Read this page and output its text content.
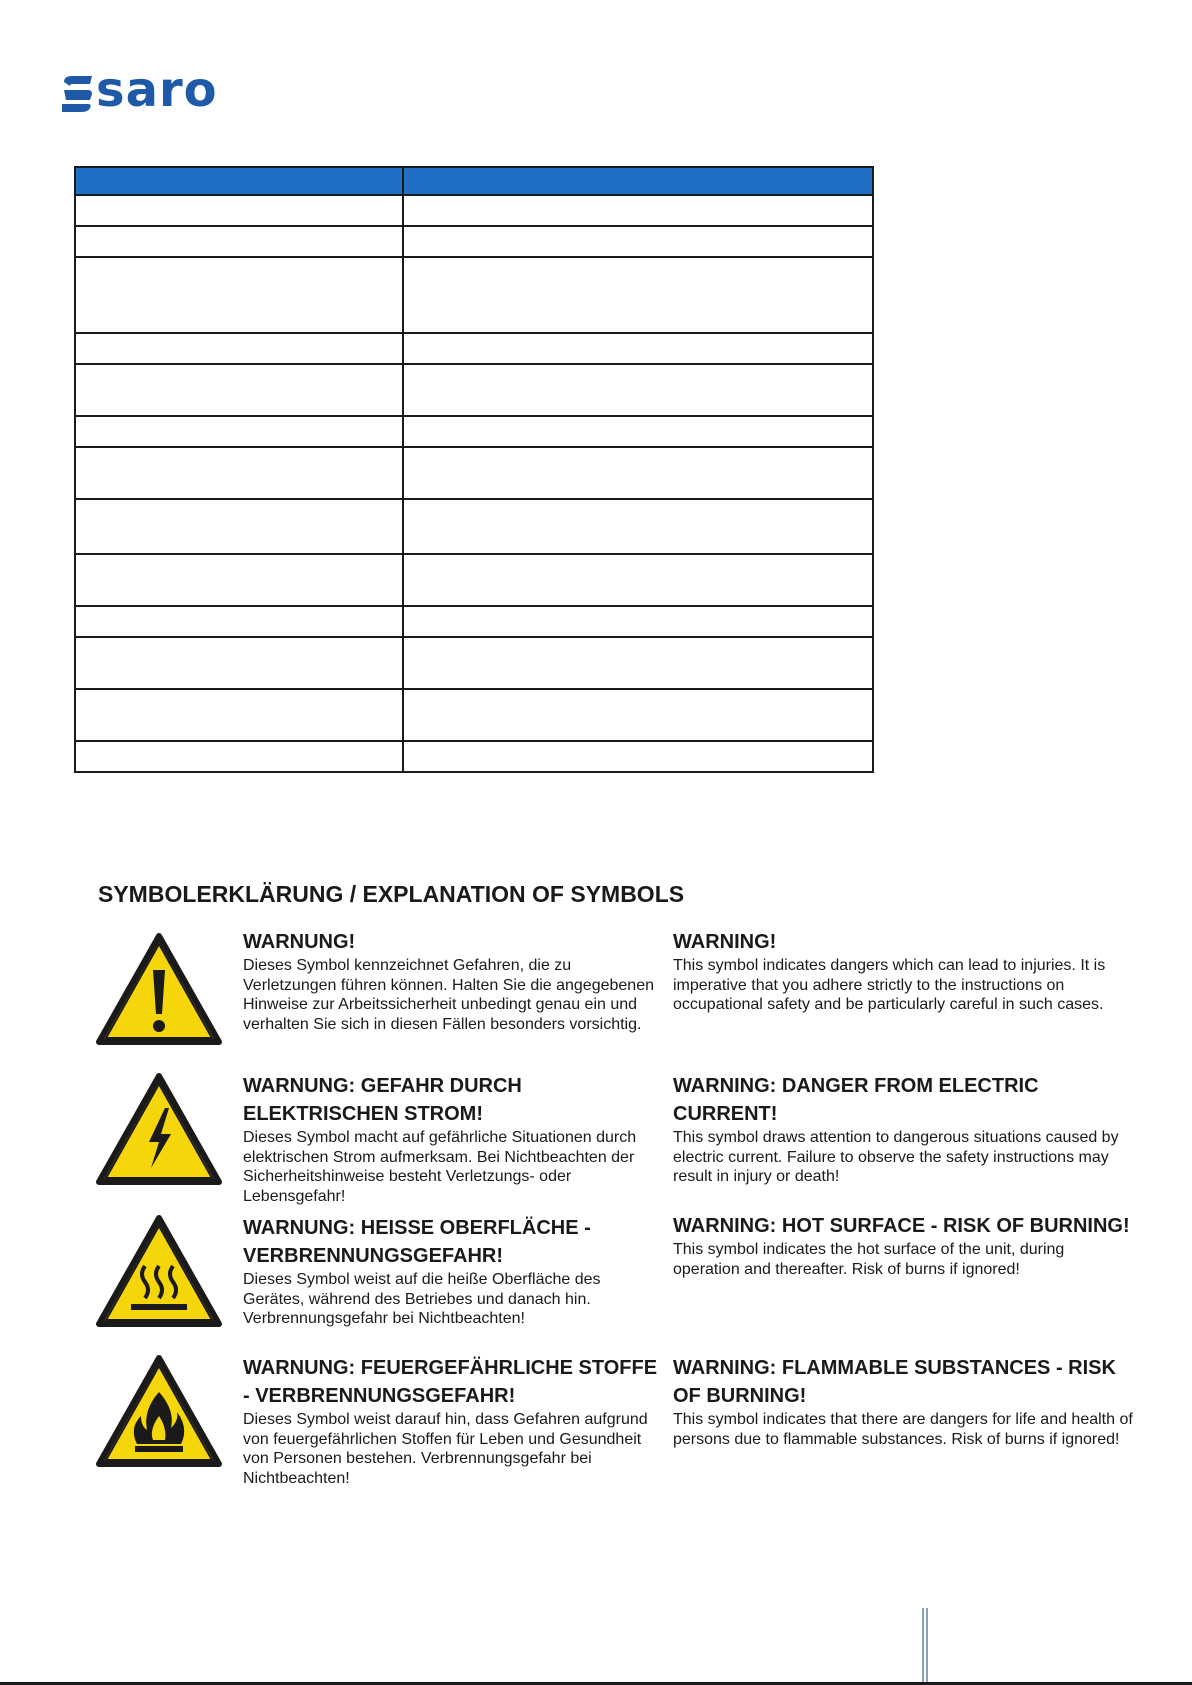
saro

SYMBOLERKLÄRUNG / EXPLANATION OF SYMBOLS
WARNUNG!

Dieses Symbol kennzeichnet Gefahren, die zu Verletzungen führen können. Halten Sie die angegebenen Hinweise zur Arbeitssicherheit unbedingt genau ein und verhalten Sie sich in diesen Fällen besonders vorsichtig.

WARNING!

This symbol indicates dangers which can lead to injuries. It is imperative that you adhere strictly to the instructions on occupational safety and be particularly careful in such cases.

WARNUNG: GEFAHR DURCH ELEKTRISCHEN STROM!

Dieses Symbol macht auf gefährliche Situationen durch elektrischen Strom aufmerksam. Bei Nichtbeachten der Sicherheitshinweise besteht Verletzungs- oder Lebensgefahr!

WARNING: DANGER FROM ELECTRIC CURRENT!

This symbol draws attention to dangerous situations caused by electric current. Failure to observe the safety instructions may result in injury or death!

WARNUNG: HEISSE OBERFLÄCHE - VERBRENNUNGSGEFAHR!

Dieses Symbol weist auf die heiße Oberfläche des Gerätes, während des Betriebes und danach hin. Verbrennungsgefahr bei Nichtbeachten!

WARNING: HOT SURFACE - RISK OF BURNING!

This symbol indicates the hot surface of the unit, during operation and thereafter. Risk of burns if ignored!

WARNUNG: FEUERGEFÄHRLICHE STOFFE - VERBRENNUNGSGEFAHR!

Dieses Symbol weist darauf hin, dass Gefahren aufgrund von feuergefährlichen Stoffen für Leben und Gesundheit von Personen bestehen. Verbrennungsgefahr bei Nichtbeachten!

WARNING: FLAMMABLE SUBSTANCES - RISK OF BURNING!

This symbol indicates that there are dangers for life and health of persons due to flammable substances. Risk of burns if ignored!
